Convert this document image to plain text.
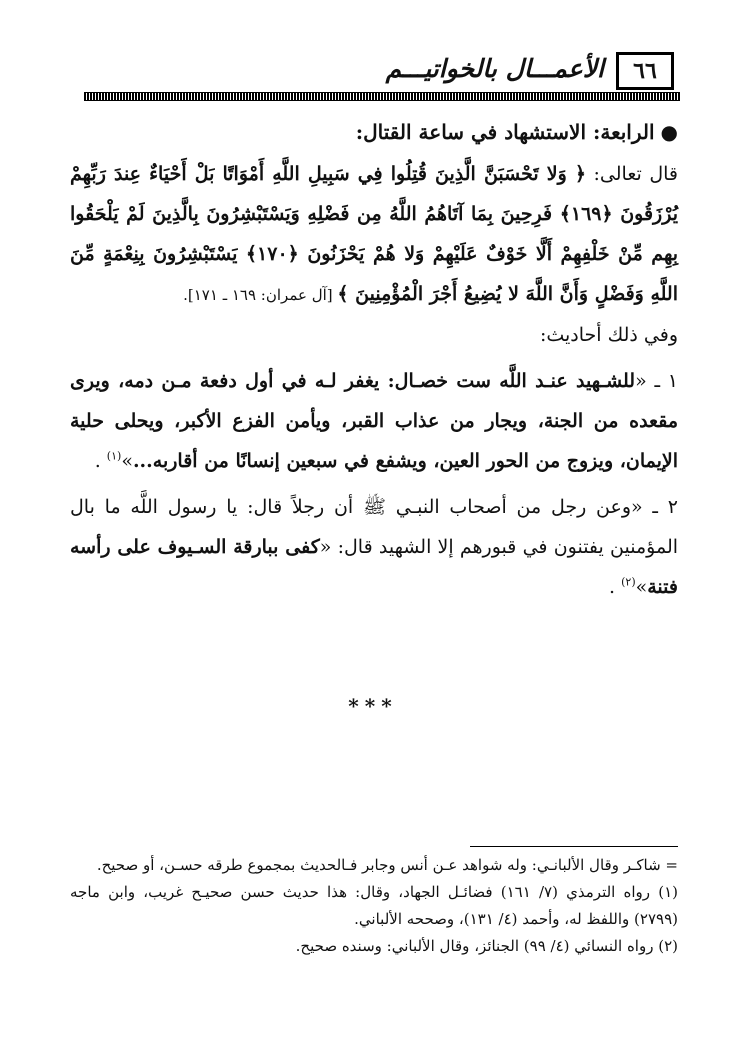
٦٦
الأعمـــال بالخواتيـــم

●الرابعة: الاستشهاد في ساعة القتال:

قال تعالى: ﴿ وَلا تَحْسَبَنَّ الَّذِينَ قُتِلُوا فِي سَبِيلِ اللَّهِ أَمْوَاتًا بَلْ أَحْيَاءٌ عِندَ رَبِّهِمْ يُرْزَقُونَ ﴿١٦٩﴾ فَرِحِينَ بِمَا آتَاهُمُ اللَّهُ مِن فَضْلِهِ وَيَسْتَبْشِرُونَ بِالَّذِينَ لَمْ يَلْحَقُوا بِهِم مِّنْ خَلْفِهِمْ أَلَّا خَوْفٌ عَلَيْهِمْ وَلا هُمْ يَحْزَنُونَ ﴿١٧٠﴾ يَسْتَبْشِرُونَ بِنِعْمَةٍ مِّنَ اللَّهِ وَفَضْلٍ وَأَنَّ اللَّهَ لا يُضِيعُ أَجْرَ الْمُؤْمِنِينَ ﴾ [آل عمران: ١٦٩ ـ ١٧١].

وفي ذلك أحاديث:

١ ـ «للشـهيد عنـد اللَّه ست خصـال: يغفر لـه في أول دفعة مـن دمه، ويرى مقعده من الجنة، ويجار من عذاب القبر، ويأمن الفزع الأكبر، ويحلى حلية الإيمان، ويزوج من الحور العين، ويشفع في سبعين إنسانًا من أقاربه...»$^{(١)}$ .

٢ ـ «وعن رجل من أصحاب النبـي ﷺ أن رجلاً قال: يا رسول اللَّه ما بال المؤمنين يفتنون في قبورهم إلا الشهيد قال: «كفى ببارقة السـيوف على رأسه فتنة»$^{(٢)}$ .

***

= شاكـر وقال الألبانـي: وله شواهد عـن أنس وجابر فـالحديث بمجموع طرقه حسـن، أو صحيح.

(١) رواه الترمذي (٧/ ١٦١) فضائـل الجهاد، وقال: هذا حديث حسن صحيـح غريب، وابن ماجه (٢٧٩٩) واللفظ له، وأحمد (٤/ ١٣١)، وصححه الألباني.

(٢) رواه النسائي (٤/ ٩٩) الجنائز، وقال الألباني: وسنده صحيح.
